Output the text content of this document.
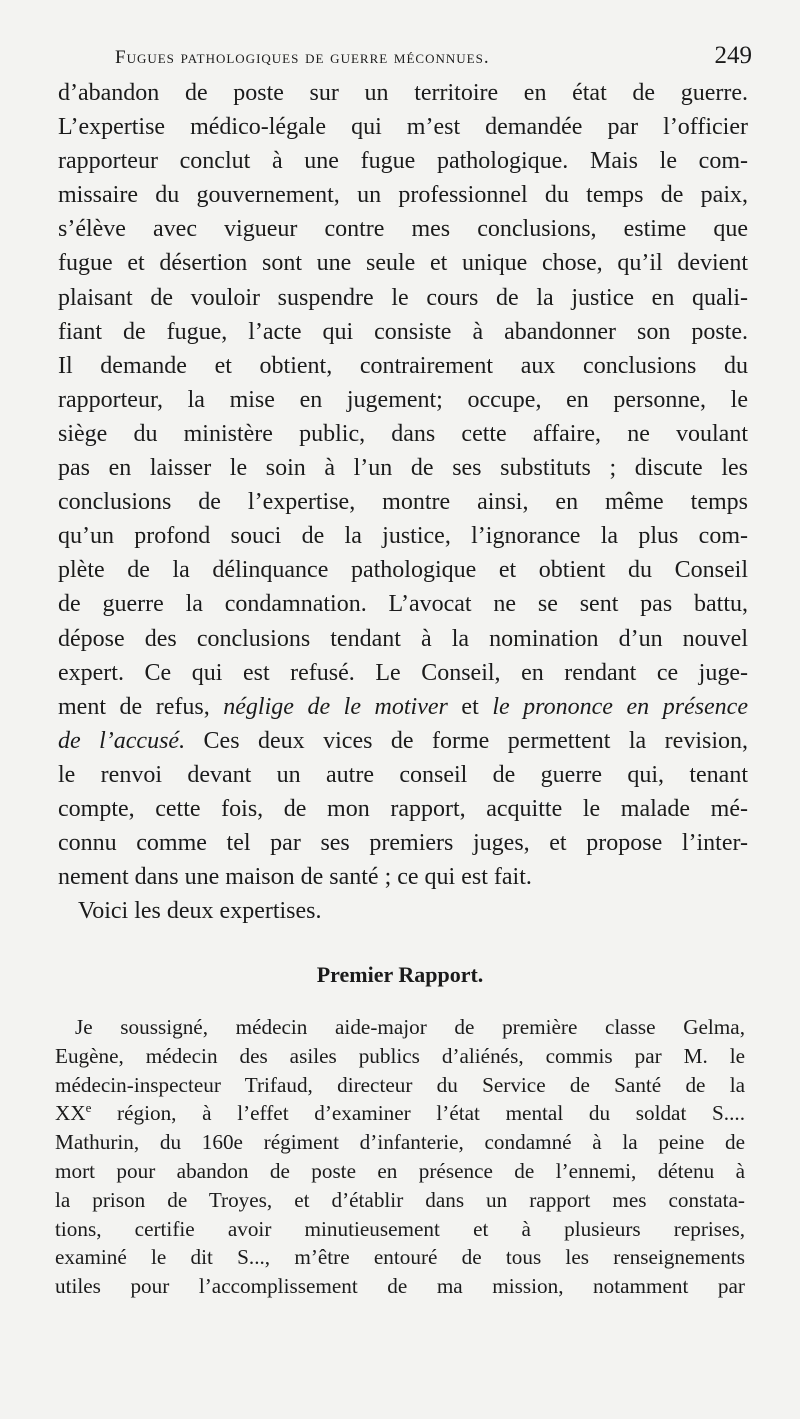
Fugues pathologiques de guerre méconnues.	249

d’abandon de poste sur un territoire en état de guerre.
L’expertise médico-légale qui m’est demandée par l’officier
rapporteur conclut à une fugue pathologique. Mais le com-
missaire du gouvernement, un professionnel du temps de paix,
s’élève avec vigueur contre mes conclusions, estime que
fugue et désertion sont une seule et unique chose, qu’il devient
plaisant de vouloir suspendre le cours de la justice en quali-
fiant de fugue, l’acte qui consiste à abandonner son poste.
Il demande et obtient, contrairement aux conclusions du
rapporteur, la mise en jugement; occupe, en personne, le
siège du ministère public, dans cette affaire, ne voulant
pas en laisser le soin à l’un de ses substituts ; discute les
conclusions de l’expertise, montre ainsi, en même temps
qu’un profond souci de la justice, l’ignorance la plus com-
plète de la délinquance pathologique et obtient du Conseil
de guerre la condamnation. L’avocat ne se sent pas battu,
dépose des conclusions tendant à la nomination d’un nouvel
expert. Ce qui est refusé. Le Conseil, en rendant ce juge-
ment de refus, néglige de le motiver et le prononce en présence
de l’accusé. Ces deux vices de forme permettent la revision,
le renvoi devant un autre conseil de guerre qui, tenant
compte, cette fois, de mon rapport, acquitte le malade mé-
connu comme tel par ses premiers juges, et propose l’inter-
nement dans une maison de santé ; ce qui est fait.

Voici les deux expertises.

Premier Rapport.
Je soussigné, médecin aide-major de première classe Gelma,
Eugène, médecin des asiles publics d’aliénés, commis par M. le
médecin-inspecteur Trifaud, directeur du Service de Santé de la
XXe région, à l’effet d’examiner l’état mental du soldat S....
Mathurin, du 160e régiment d’infanterie, condamné à la peine de
mort pour abandon de poste en présence de l’ennemi, détenu à
la prison de Troyes, et d’établir dans un rapport mes constata-
tions, certifie avoir minutieusement et à plusieurs reprises,
examiné le dit S..., m’être entouré de tous les renseignements
utiles pour l’accomplissement de ma mission, notamment par
